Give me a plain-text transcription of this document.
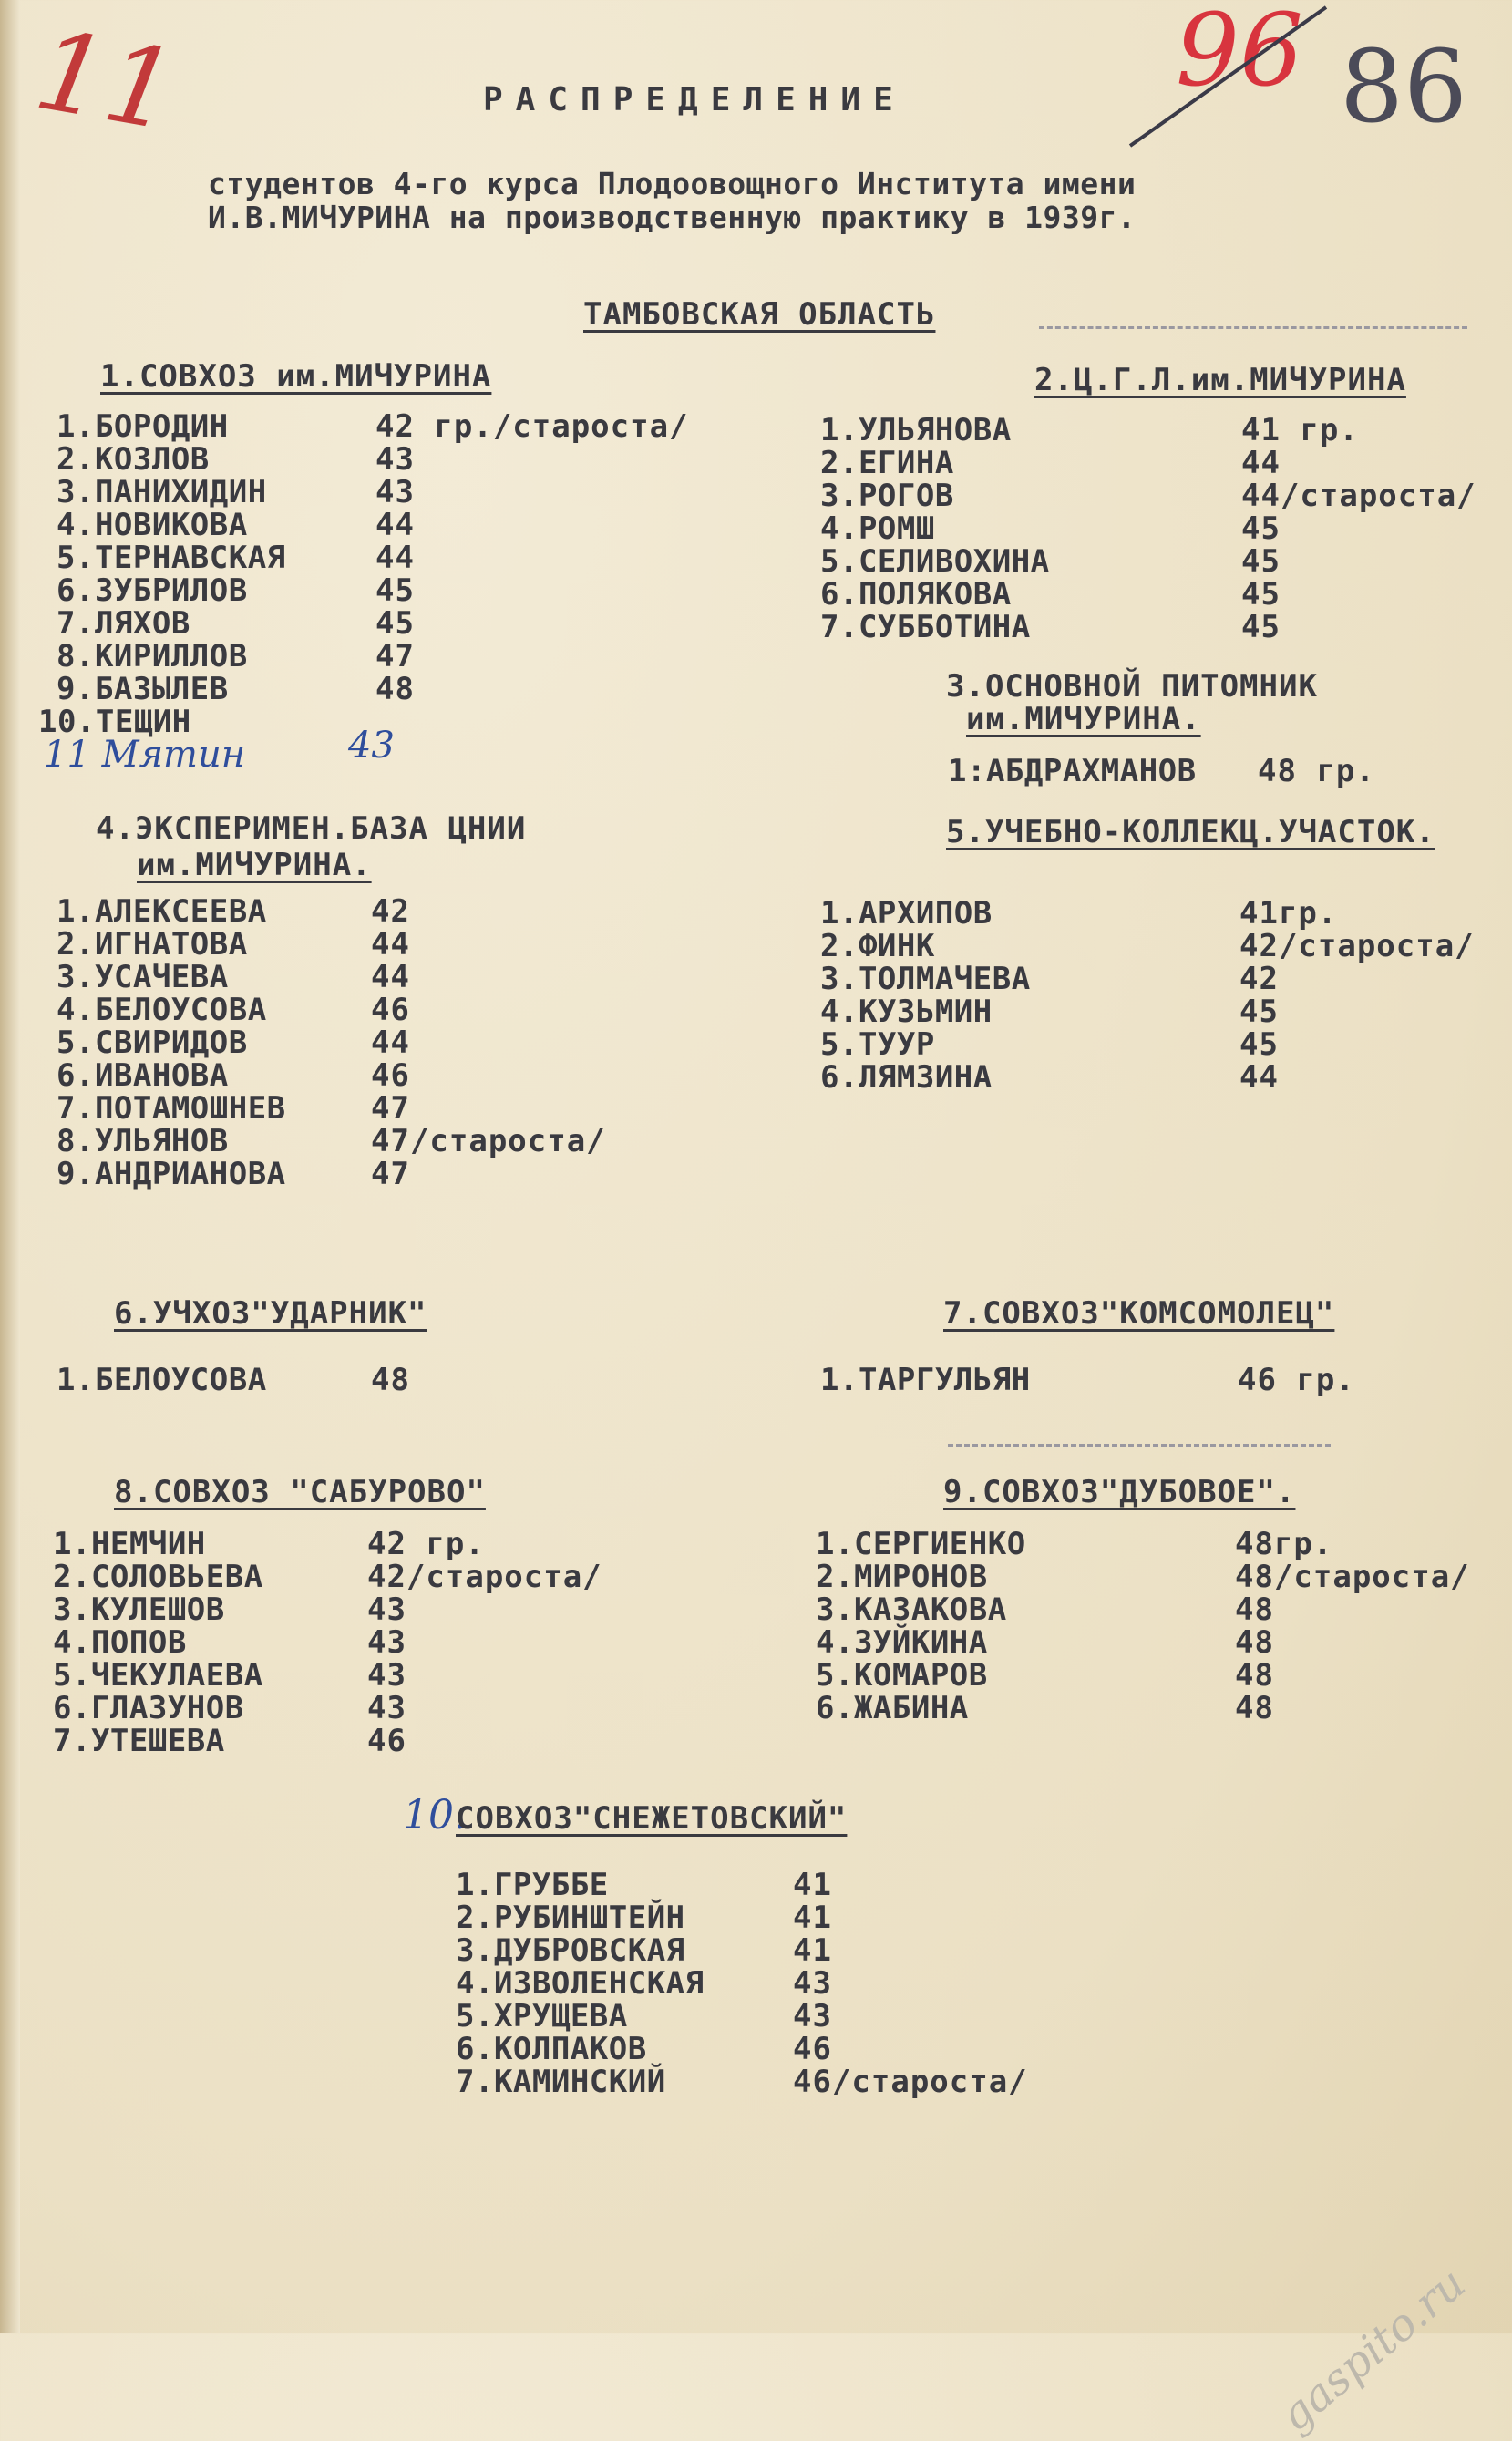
11	96 86
РАСПРЕДЕЛЕНИЕ
студентов 4-го курса Плодоовощного Института имени
И.В.МИЧУРИНА на производственную практику в 1939г.
ТАМБОВСКАЯ ОБЛАСТЬ
1.СОВХОЗ им.МИЧУРИНА
1.БОРОДИН	42 гр./староста/
2.КОЗЛОВ	43
3.ПАНИХИДИН	43
4.НОВИКОВА	44
5.ТЕРНАВСКАЯ	44
6.ЗУБРИЛОВ	45
7.ЛЯХОВ	45
8.КИРИЛЛОВ	47
9.БАЗЫЛЕВ	48
10.ТЕЩИН
11 Мятин	43
2.Ц.Г.Л.им.МИЧУРИНА
1.УЛЬЯНОВА	41 гр.
2.ЕГИНА	44
3.РОГОВ	44/староста/
4.РОМШ	45
5.СЕЛИВОХИНА	45
6.ПОЛЯКОВА	45
7.СУББОТИНА	45
3.ОСНОВНОЙ ПИТОМНИК
им.МИЧУРИНА.
1:АБДРАХМАНОВ 48 гр.
4.ЭКСПЕРИМЕН.БАЗА ЦНИИ
им.МИЧУРИНА.
1.АЛЕКСЕЕВА	42
2.ИГНАТОВА	44
3.УСАЧЕВА	44
4.БЕЛОУСОВА	46
5.СВИРИДОВ	44
6.ИВАНОВА	46
7.ПОТАМОШНЕВ	47
8.УЛЬЯНОВ	47/староста/
9.АНДРИАНОВА	47
5.УЧЕБНО-КОЛЛЕКЦ.УЧАСТОК.
1.АРХИПОВ	41гр.
2.ФИНК	42/староста/
3.ТОЛМАЧЕВА	42
4.КУЗЬМИН	45
5.ТУУР	45
6.ЛЯМЗИНА	44
6.УЧХОЗ"УДАРНИК"
1.БЕЛОУСОВА	48
7.СОВХОЗ"КОМСОМОЛЕЦ"
1.ТАРГУЛЬЯН	46 гр.
8.СОВХОЗ "САБУРОВО"
1.НЕМЧИН	42 гр.
2.СОЛОВЬЕВА	42/староста/
3.КУЛЕШОВ	43
4.ПОПОВ	43
5.ЧЕКУЛАЕВА	43
6.ГЛАЗУНОВ	43
7.УТЕШЕВА	46
9.СОВХОЗ"ДУБОВОЕ".
1.СЕРГИЕНКО	48гр.
2.МИРОНОВ	48/староста/
3.КАЗАКОВА	48
4.ЗУЙКИНА	48
5.КОМАРОВ	48
6.ЖАБИНА	48
10.
СОВХОЗ"СНЕЖЕТОВСКИЙ"
1.ГРУББЕ	41
2.РУБИНШТЕЙН	41
3.ДУБРОВСКАЯ	41
4.ИЗВОЛЕНСКАЯ	43
5.ХРУЩЕВА	43
6.КОЛПАКОВ	46
7.КАМИНСКИЙ	46/староста/
gaspito.ru
